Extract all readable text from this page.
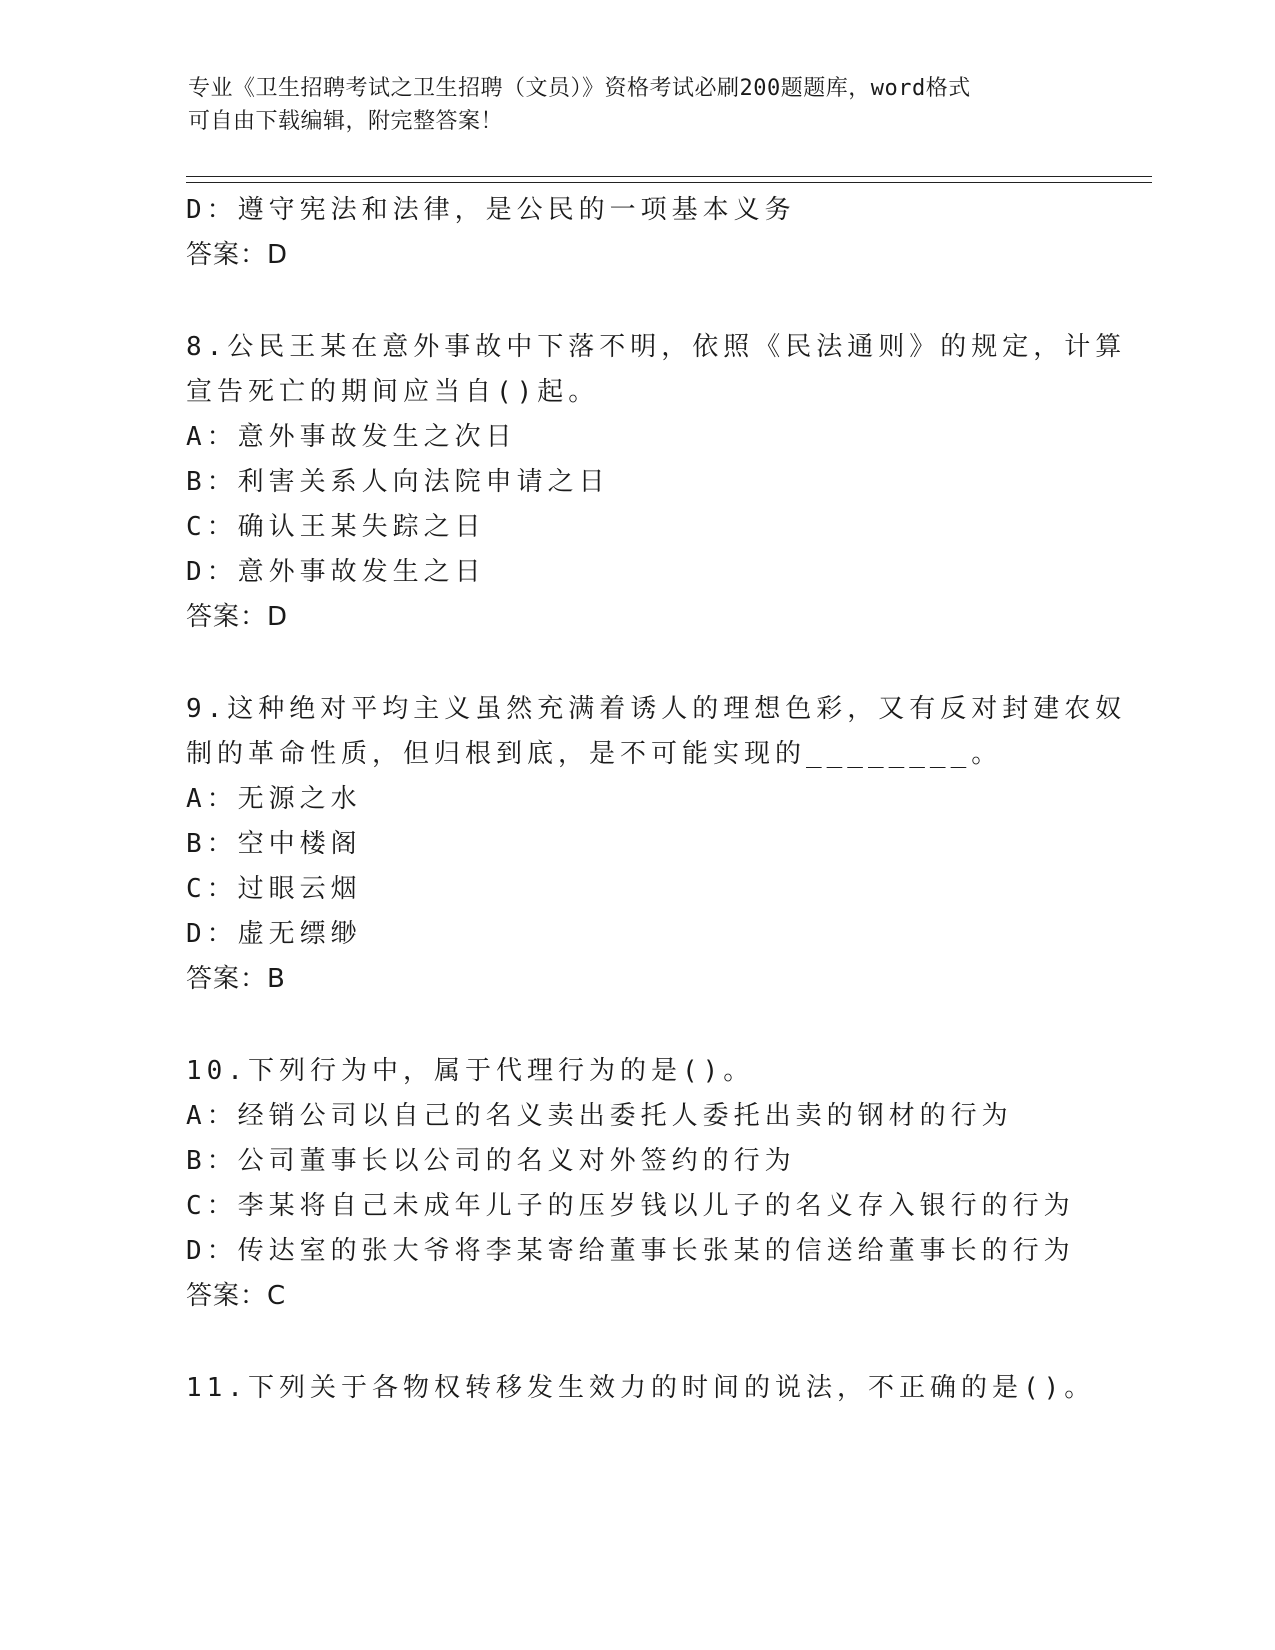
专业《卫生招聘考试之卫生招聘（文员）》资格考试必刷200题题库，word格式
可自由下载编辑，附完整答案！
D：遵守宪法和法律，是公民的一项基本义务
答案：D
8.公民王某在意外事故中下落不明，依照《民法通则》的规定，计算
宣告死亡的期间应当自()起。
A：意外事故发生之次日
B：利害关系人向法院申请之日
C：确认王某失踪之日
D：意外事故发生之日
答案：D
9.这种绝对平均主义虽然充满着诱人的理想色彩，又有反对封建农奴
制的革命性质，但归根到底，是不可能实现的________。
A：无源之水
B：空中楼阁
C：过眼云烟
D：虚无缥缈
答案：B
10.下列行为中，属于代理行为的是()。
A：经销公司以自己的名义卖出委托人委托出卖的钢材的行为
B：公司董事长以公司的名义对外签约的行为
C：李某将自己未成年儿子的压岁钱以儿子的名义存入银行的行为
D：传达室的张大爷将李某寄给董事长张某的信送给董事长的行为
答案：C
11.下列关于各物权转移发生效力的时间的说法，不正确的是()。
